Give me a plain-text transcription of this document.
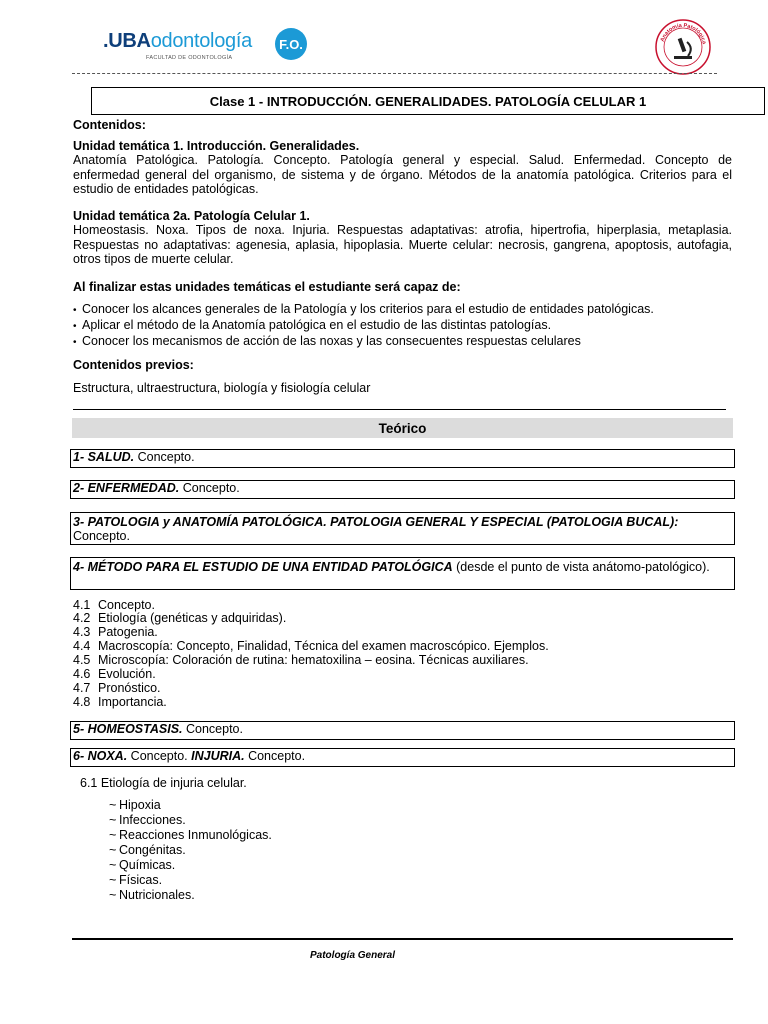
.UBAodontología
FACULTAD DE ODONTOLOGÍA
F.O.	Anatomía Patológica
Clase 1 - INTRODUCCIÓN. GENERALIDADES. PATOLOGÍA CELULAR 1
Contenidos:
Unidad temática 1. Introducción. Generalidades.
Anatomía Patológica. Patología. Concepto. Patología general y especial. Salud. Enfermedad. Concepto de enfermedad general del organismo, de sistema y de órgano. Métodos de la anatomía patológica. Criterios para el estudio de entidades patológicas.
Unidad temática 2a. Patología Celular 1.
Homeostasis. Noxa. Tipos de noxa. Injuria. Respuestas adaptativas: atrofia, hipertrofia, hiperplasia, metaplasia. Respuestas no adaptativas: agenesia, aplasia, hipoplasia. Muerte celular: necrosis, gangrena, apoptosis, autofagia, otros tipos de muerte celular.
Al finalizar estas unidades temáticas el estudiante será capaz de:
• Conocer los alcances generales de la Patología y los criterios para el estudio de entidades patológicas.
• Aplicar el método de la Anatomía patológica en el estudio de las distintas patologías.
• Conocer los mecanismos de acción de las noxas y las consecuentes respuestas celulares
Contenidos previos:
Estructura, ultraestructura, biología y fisiología celular
Teórico
1- SALUD. Concepto.
2- ENFERMEDAD. Concepto.
3- PATOLOGIA y ANATOMÍA PATOLÓGICA. PATOLOGIA GENERAL Y ESPECIAL (PATOLOGIA BUCAL): Concepto.
4- MÉTODO PARA EL ESTUDIO DE UNA ENTIDAD PATOLÓGICA (desde el punto de vista anátomo-patológico).
4.1 Concepto.
4.2 Etiología (genéticas y adquiridas).
4.3 Patogenia.
4.4 Macroscopía: Concepto, Finalidad, Técnica del examen macroscópico. Ejemplos.
4.5 Microscopía: Coloración de rutina: hematoxilina – eosina. Técnicas auxiliares.
4.6 Evolución.
4.7 Pronóstico.
4.8 Importancia.
5- HOMEOSTASIS. Concepto.
6- NOXA. Concepto. INJURIA. Concepto.
6.1 Etiología de injuria celular.
~ Hipoxia
~ Infecciones.
~ Reacciones Inmunológicas.
~ Congénitas.
~ Químicas.
~ Físicas.
~ Nutricionales.
Patología General
